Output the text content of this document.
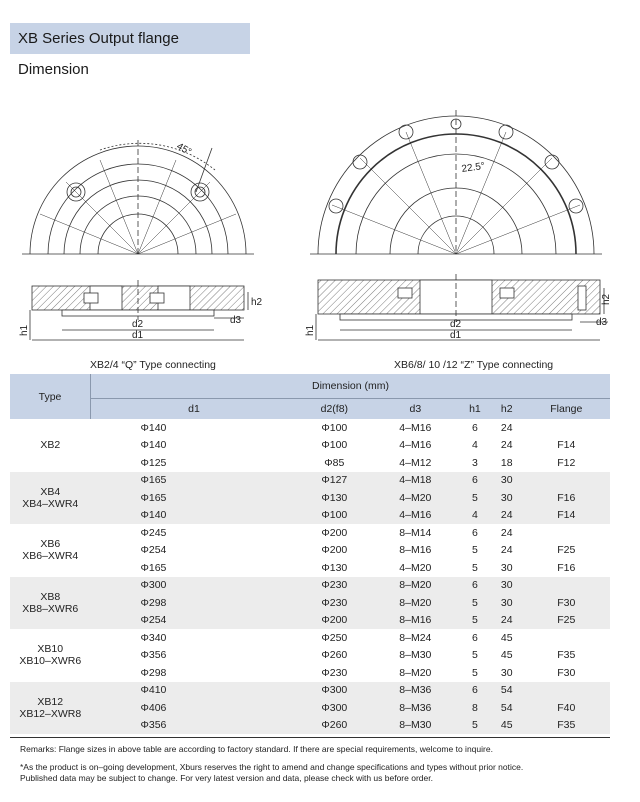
XB Series Output flange Dimension
45°
d1
d2	d3
h2
h1
22.5°
d1
d2	d3
h2
h1
XB2/4 “Q” Type connecting	XB6/8/ 10 /12 “Z” Type connecting
Type	Dimension (mm)					
	d1	d2(f8)	d3	h1	h2	Flange

XB2	Φ140	Φ100	4–M16	6	24	
	Φ140	Φ100	4–M16	4	24	F14
	Φ125	Φ85	4–M12	3	18	F12

XB4
XB4–XWR4	Φ165	Φ127	4–M18	6	30	
	Φ165	Φ130	4–M20	5	30	F16
	Φ140	Φ100	4–M16	4	24	F14

XB6
XB6–XWR4	Φ245	Φ200	8–M14	6	24	
	Φ254	Φ200	8–M16	5	24	F25
	Φ165	Φ130	4–M20	5	30	F16

XB8
XB8–XWR6	Φ300	Φ230	8–M20	6	30	
	Φ298	Φ230	8–M20	5	30	F30
	Φ254	Φ200	8–M16	5	24	F25

XB10
XB10–XWR6	Φ340	Φ250	8–M24	6	45	
	Φ356	Φ260	8–M30	5	45	F35
	Φ298	Φ230	8–M20	5	30	F30

XB12
XB12–XWR8	Φ410	Φ300	8–M36	6	54	
	Φ406	Φ300	8–M36	8	54	F40
	Φ356	Φ260	8–M30	5	45	F35
Remarks: Flange sizes in above table are according to factory standard. If there are special requirements, welcome to inquire.
*As the product is on–going development, Xburs reserves the right to amend and change specifications and types without prior notice.
Published data may be subject to change. For very latest version and data, please check with us before order.
